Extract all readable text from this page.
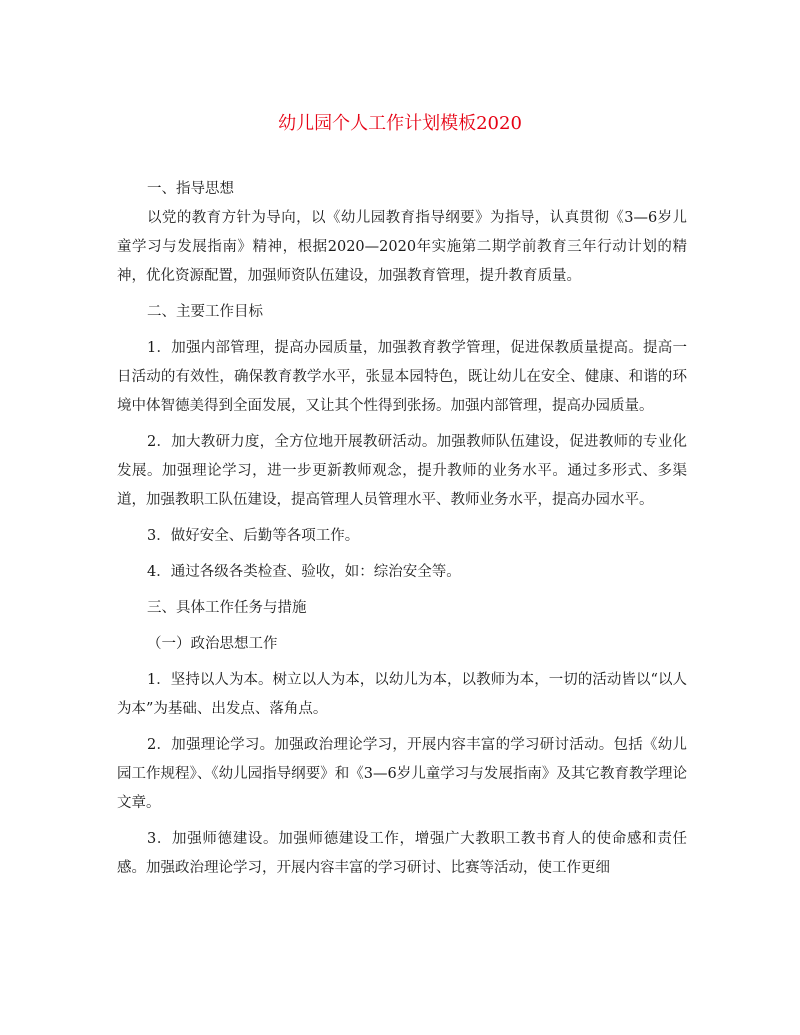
幼儿园个人工作计划模板2020

一、指导思想

以党的教育方针为导向，以《幼儿园教育指导纲要》为指导，认真贯彻《3—6岁儿童学习与发展指南》精神，根据2020—2020年实施第二期学前教育三年行动计划的精神，优化资源配置，加强师资队伍建设，加强教育管理，提升教育质量。

二、主要工作目标

1．加强内部管理，提高办园质量，加强教育教学管理，促进保教质量提高。提高一日活动的有效性，确保教育教学水平，张显本园特色，既让幼儿在安全、健康、和谐的环境中体智德美得到全面发展，又让其个性得到张扬。加强内部管理，提高办园质量。

2．加大教研力度，全方位地开展教研活动。加强教师队伍建设，促进教师的专业化发展。加强理论学习，进一步更新教师观念，提升教师的业务水平。通过多形式、多渠道，加强教职工队伍建设，提高管理人员管理水平、教师业务水平，提高办园水平。

3．做好安全、后勤等各项工作。

4．通过各级各类检查、验收，如：综治安全等。

三、具体工作任务与措施

（一）政治思想工作

1．坚持以人为本。树立以人为本，以幼儿为本，以教师为本，一切的活动皆以“以人为本”为基础、出发点、落角点。

2．加强理论学习。加强政治理论学习，开展内容丰富的学习研讨活动。包括《幼儿园工作规程》、《幼儿园指导纲要》和《3—6岁儿童学习与发展指南》及其它教育教学理论文章。

3．加强师德建设。加强师德建设工作，增强广大教职工教书育人的使命感和责任感。加强政治理论学习，开展内容丰富的学习研讨、比赛等活动，使工作更细
